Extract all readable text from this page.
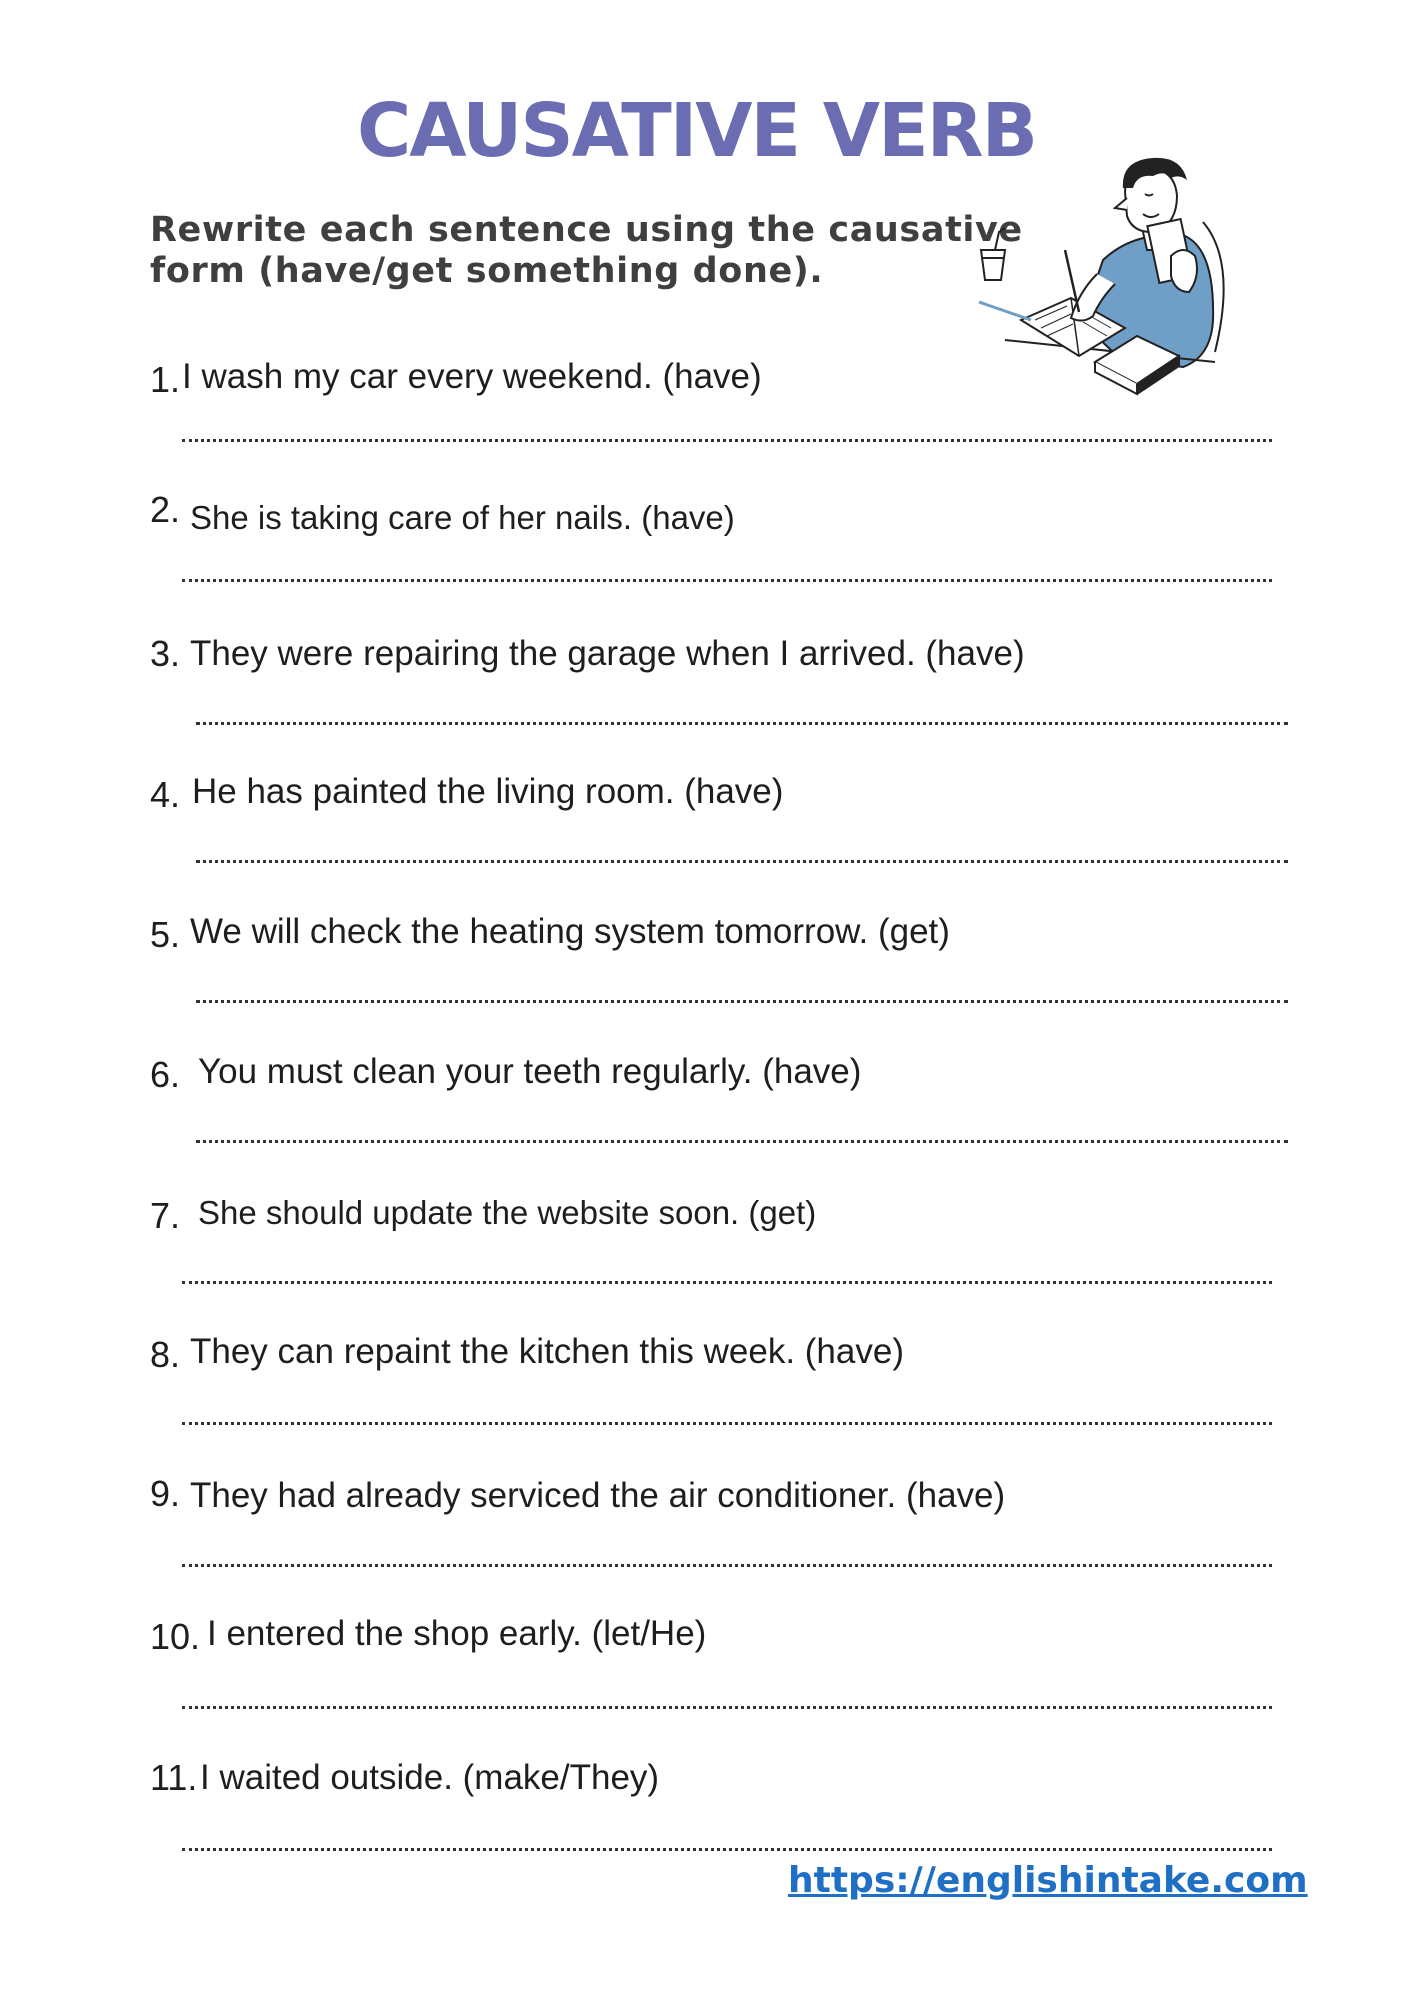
CAUSATIVE VERB

Rewrite each sentence using the causative form (have/get something done).

1. I wash my car every weekend. (have)
2. She is taking care of her nails. (have)
3. They were repairing the garage when I arrived. (have)
4. He has painted the living room. (have)
5. We will check the heating system tomorrow. (get)
6. You must clean your teeth regularly. (have)
7. She should update the website soon. (get)
8. They can repaint the kitchen this week. (have)
9. They had already serviced the air conditioner. (have)
10. I entered the shop early. (let/He)
11. I waited outside. (make/They)
https://englishintake.com
